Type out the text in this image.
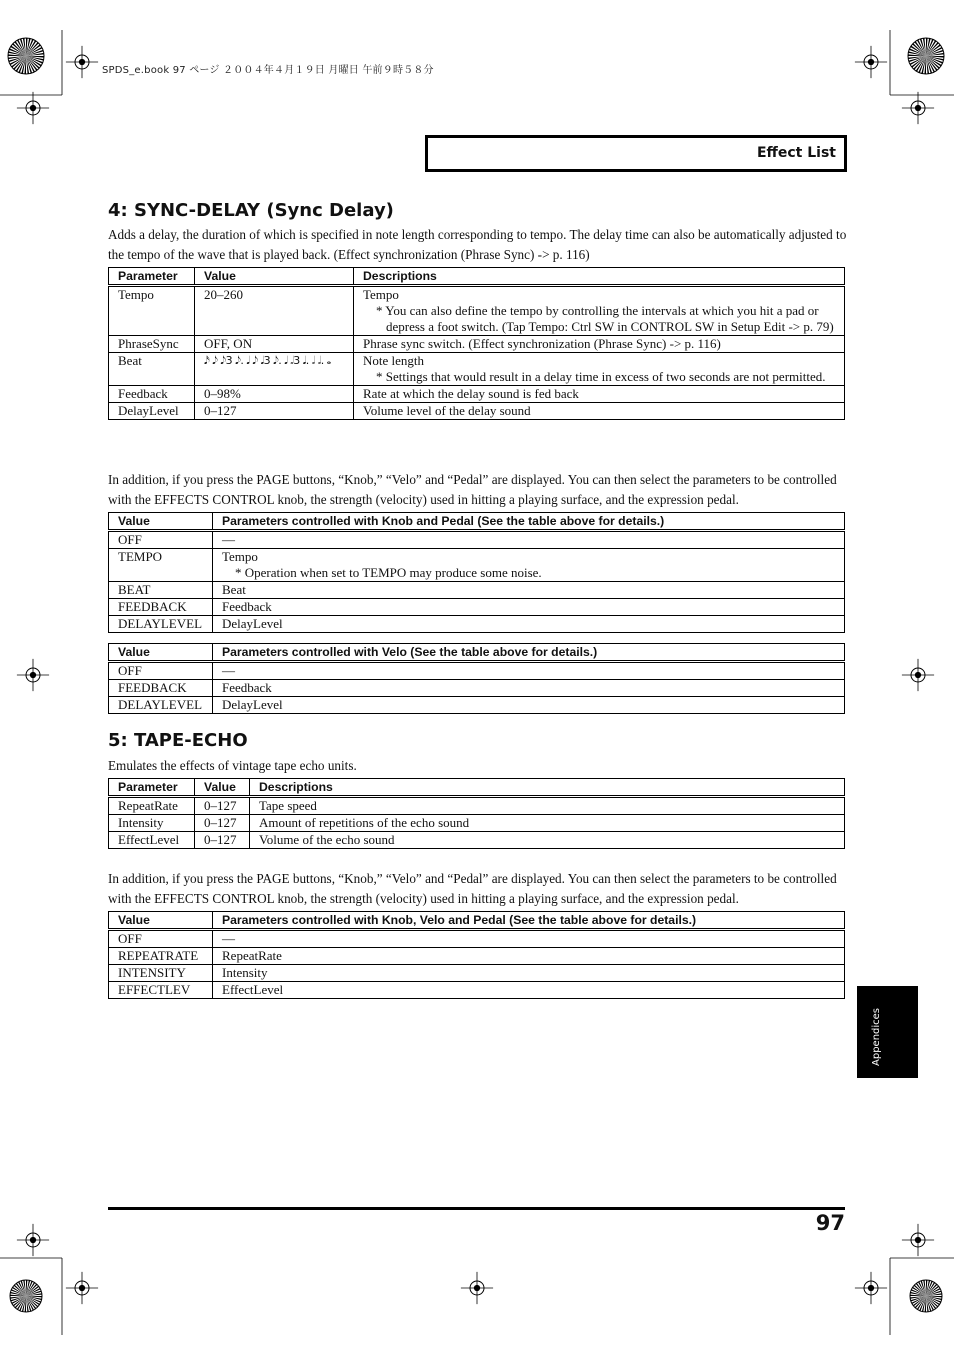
SPDS_e.book 97 ページ ２００４年４月１９日 月曜日 午前９時５８分
Effect List
4: SYNC-DELAY (Sync Delay)

Adds a delay, the duration of which is specified in note length corresponding to tempo. The delay time can also be automatically adjusted to the tempo of the wave that is played back. (Effect synchronization (Phrase Sync) -> p. 116)

Parameter	Value	Descriptions
Tempo	20–260	Tempo
* You can also define the tempo by controlling the intervals at which you hit a pad or depress a foot switch. (Tap Tempo: Ctrl SW in CONTROL SW in Setup Edit -> p. 79)

PhraseSync	OFF, ON	Phrase sync switch. (Effect synchronization (Phrase Sync) -> p. 116)
Beat	𝅘𝅥𝅯 𝅘𝅥𝅮 𝅘𝅥𝅮3 𝅘𝅥𝅮. 𝅘𝅥 𝅘𝅥𝅮 𝅘𝅥3 𝅘𝅥𝅮. 𝅘𝅥 𝅗𝅥3 𝅘𝅥. 𝅗𝅥 𝅗𝅥. 𝅝	Note length
* Settings that would result in a delay time in excess of two seconds are not permitted.

Feedback	0–98%	Rate at which the delay sound is fed back
DelayLevel	0–127	Volume level of the delay sound

In addition, if you press the PAGE buttons, “Knob,” “Velo” and “Pedal” are displayed. You can then select the parameters to be controlled with the EFFECTS CONTROL knob, the strength (velocity) used in hitting a playing surface, and the expression pedal.

Value	Parameters controlled with Knob and Pedal (See the table above for details.)
OFF	—
TEMPO	Tempo
* Operation when set to TEMPO may produce some noise.

BEAT	Beat
FEEDBACK	Feedback
DELAYLEVEL	DelayLevel
Value	Parameters controlled with Velo (See the table above for details.)
OFF	—
FEEDBACK	Feedback
DELAYLEVEL	DelayLevel
5: TAPE-ECHO

Emulates the effects of vintage tape echo units.

Parameter	Value	Descriptions
RepeatRate	0–127	Tape speed
Intensity	0–127	Amount of repetitions of the echo sound
EffectLevel	0–127	Volume of the echo sound

In addition, if you press the PAGE buttons, “Knob,” “Velo” and “Pedal” are displayed. You can then select the parameters to be controlled with the EFFECTS CONTROL knob, the strength (velocity) used in hitting a playing surface, and the expression pedal.

Value	Parameters controlled with Knob, Velo and Pedal (See the table above for details.)
OFF	—
REPEATRATE	RepeatRate
INTENSITY	Intensity
EFFECTLEV	EffectLevel
Appendices
97
